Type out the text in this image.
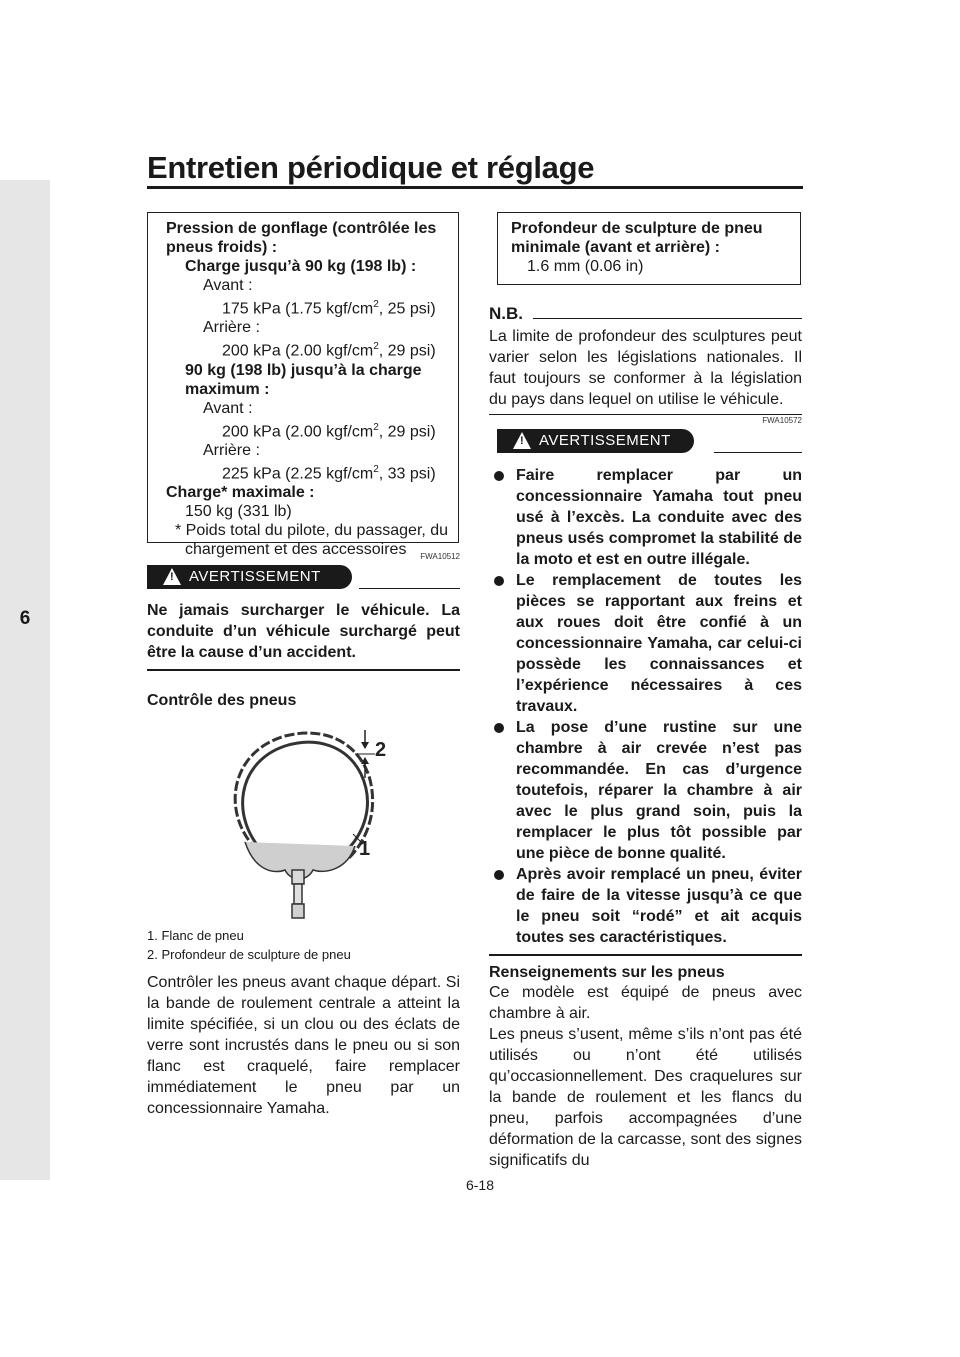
Entretien périodique et réglage
6
Pression de gonflage (contrôlée les pneus froids) :
Charge jusqu’à 90 kg (198 lb) :
Avant :
175 kPa (1.75 kgf/$cm^2$, 25 psi)
Arrière :
200 kPa (2.00 kgf/$cm^2$, 29 psi)
90 kg (198 lb) jusqu’à la charge maximum :
Avant :
200 kPa (2.00 kgf/$cm^2$, 29 psi)
Arrière :
225 kPa (2.25 kgf/$cm^2$, 33 psi)
Charge* maximale :
150 kg (331 lb)
* Poids total du pilote, du passager, du chargement et des accessoires	FWA10512
! AVERTISSEMENT
Ne jamais surcharger le véhicule. La conduite d’un véhicule surchargé peut être la cause d’un accident.
Contrôle des pneus
2
1
1. Flanc de pneu
2. Profondeur de sculpture de pneu
Contrôler les pneus avant chaque départ. Si la bande de roulement centrale a atteint la limite spécifiée, si un clou ou des éclats de verre sont incrustés dans le pneu ou si son flanc est craquelé, faire remplacer immédiatement le pneu par un concessionnaire Yamaha.
Profondeur de sculpture de pneu minimale (avant et arrière) :
1.6 mm (0.06 in)
N.B.
La limite de profondeur des sculptures peut varier selon les législations nationales. Il faut toujours se conformer à la législation du pays dans lequel on utilise le véhicule.
FWA10572
! AVERTISSEMENT
Faire remplacer par un concessionnaire Yamaha tout pneu usé à l’excès. La conduite avec des pneus usés compromet la stabilité de la moto et est en outre illégale.
Le remplacement de toutes les pièces se rapportant aux freins et aux roues doit être confié à un concessionnaire Yamaha, car celui-ci possède les connaissances et l’expérience nécessaires à ces travaux.
La pose d’une rustine sur une chambre à air crevée n’est pas recommandée. En cas d’urgence toutefois, réparer la chambre à air avec le plus grand soin, puis la remplacer le plus tôt possible par une pièce de bonne qualité.
Après avoir remplacé un pneu, éviter de faire de la vitesse jusqu’à ce que le pneu soit “rodé” et ait acquis toutes ses caractéristiques.
Renseignements sur les pneus
Ce modèle est équipé de pneus avec chambre à air.
Les pneus s’usent, même s’ils n’ont pas été utilisés ou n’ont été utilisés qu’occasionnellement. Des craquelures sur la bande de roulement et les flancs du pneu, parfois accompagnées d’une déformation de la carcasse, sont des signes significatifs du
6-18
